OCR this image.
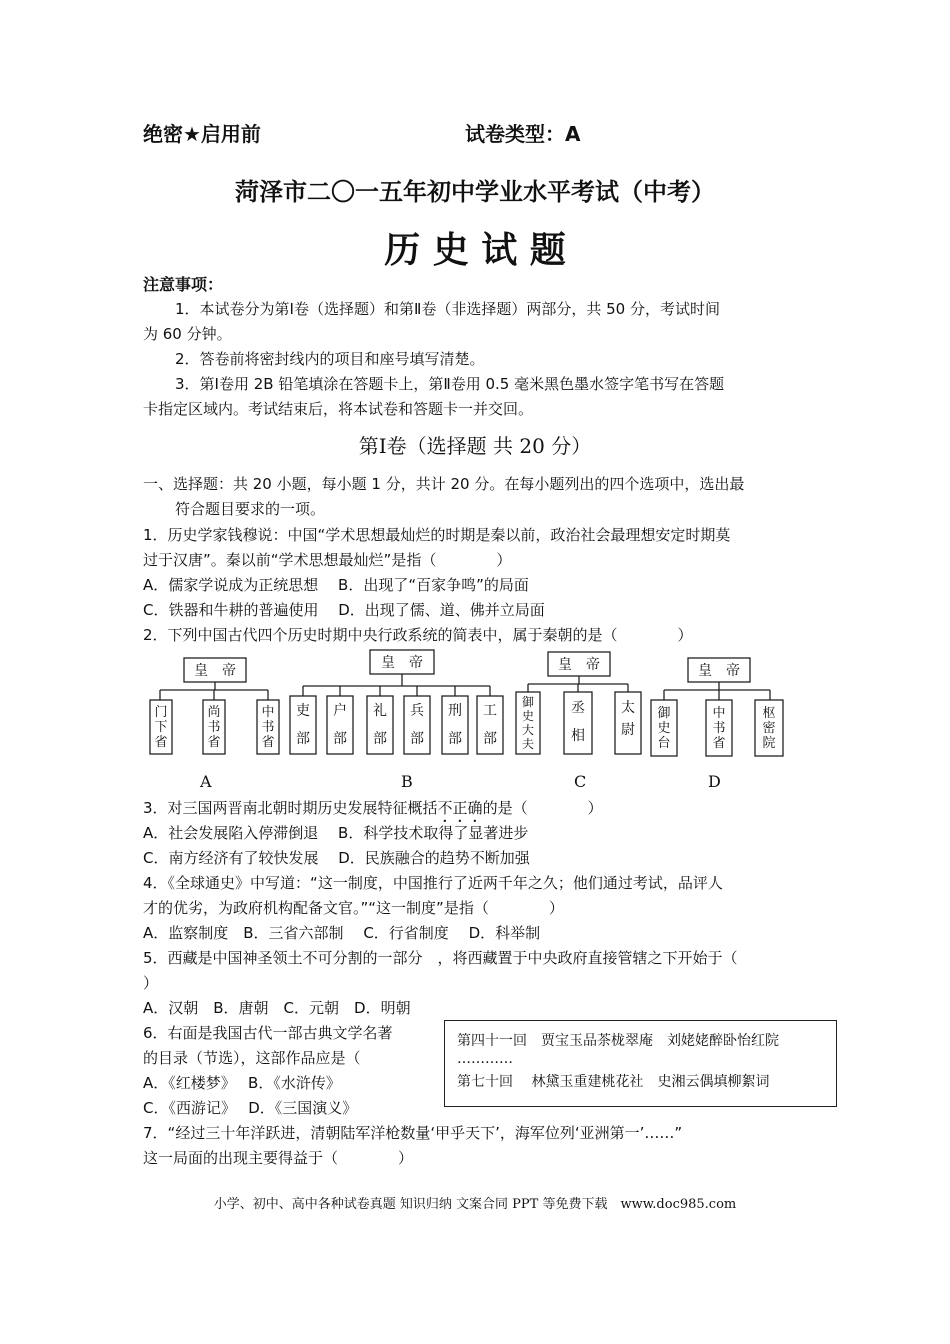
绝密★启用前	试卷类型：A
菏泽市二〇一五年初中学业水平考试（中考）
历 史 试 题
注意事项：
1．本试卷分为第Ⅰ卷（选择题）和第Ⅱ卷（非选择题）两部分，共 50 分，考试时间
为 60 分钟。
2．答卷前将密封线内的项目和座号填写清楚。
3．第Ⅰ卷用 2B 铅笔填涂在答题卡上，第Ⅱ卷用 0.5 毫米黑色墨水签字笔书写在答题
卡指定区域内。考试结束后，将本试卷和答题卡一并交回。
第Ⅰ卷（选择题 共 20 分）
一、选择题：共 20 小题，每小题 1 分，共计 20 分。在每小题列出的四个选项中，选出最
符合题目要求的一项。
1．历史学家钱穆说：中国“学术思想最灿烂的时期是秦以前，政治社会最理想安定时期莫
过于汉唐”。秦以前“学术思想最灿烂”是指（　　　　）
A．儒家学说成为正统思想　 B．出现了“百家争鸣”的局面
C．铁器和牛耕的普遍使用　 D．出现了儒、道、佛并立局面
2．下列中国古代四个历史时期中央行政系统的简表中，属于秦朝的是（　　　　）
皇　帝
门下省
尚书省
中书省
皇　帝
吏部
户部
礼部
兵部
刑部
工部
皇　帝
御史大夫
丞相
太尉
皇　帝
御史台
中书省
枢密院
A	B	C	D
3．对三国两晋南北朝时期历史发展特征概括不正确的是（　　　　）
A．社会发展陷入停滞倒退　 B．科学技术取得了显著进步
C．南方经济有了较快发展　 D．民族融合的趋势不断加强
4．《全球通史》中写道：“这一制度，中国推行了近两千年之久；他们通过考试，品评人
才的优劣，为政府机构配备文官。”“这一制度”是指（　　　　）
A．监察制度　B．三省六部制　 C．行省制度　 D．科举制
5．西藏是中国神圣领土不可分割的一部分　，将西藏置于中央政府直接管辖之下开始于（
）
A．汉朝　B．唐朝　C．元朝　D．明朝
6．右面是我国古代一部古典文学名著
的目录（节选），这部作品应是（
A．《红楼梦》　 B．《水浒传》
C．《西游记》　 D．《三国演义》
第四十一回　贾宝玉品茶栊翠庵　刘姥姥醉卧怡红院
…………
第七十回　 林黛玉重建桃花社　史湘云偶填柳絮词
7．“经过三十年洋跃进，清朝陆军洋枪数量‘甲乎天下’，海军位列‘亚洲第一’……”
这一局面的出现主要得益于（　　　　）
小学、初中、高中各种试卷真题 知识归纳 文案合同 PPT 等免费下载　www.doc985.com
